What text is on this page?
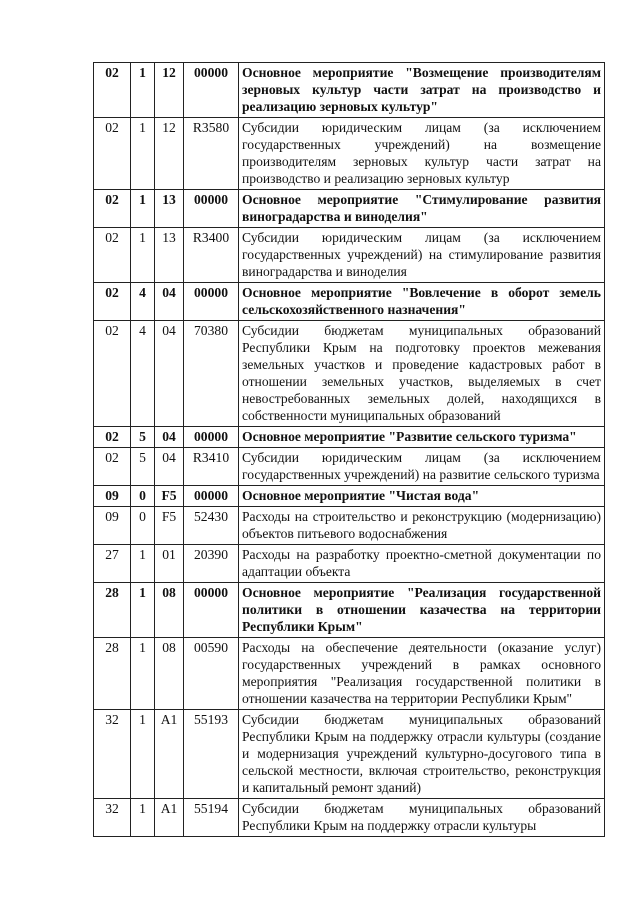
02	1	12	00000	Основное мероприятие "Возмещение производителям зерновых культур части затрат на производство и реализацию зерновых культур"
02	1	12	R3580	Субсидии юридическим лицам (за исключением государственных учреждений) на возмещение производителям зерновых культур части затрат на производство и реализацию зерновых культур
02	1	13	00000	Основное мероприятие "Стимулирование развития виноградарства и виноделия"
02	1	13	R3400	Субсидии юридическим лицам (за исключением государственных учреждений) на стимулирование развития виноградарства и виноделия
02	4	04	00000	Основное мероприятие "Вовлечение в оборот земель сельскохозяйственного назначения"
02	4	04	70380	Субсидии бюджетам муниципальных образований Республики Крым на подготовку проектов межевания земельных участков и проведение кадастровых работ в отношении земельных участков, выделяемых в счет невостребованных земельных долей, находящихся в собственности муниципальных образований
02	5	04	00000	Основное мероприятие "Развитие сельского туризма"
02	5	04	R3410	Субсидии юридическим лицам (за исключением государственных учреждений) на развитие сельского туризма
09	0	F5	00000	Основное мероприятие "Чистая вода"
09	0	F5	52430	Расходы на строительство и реконструкцию (модернизацию) объектов питьевого водоснабжения
27	1	01	20390	Расходы на разработку проектно-сметной документации по адаптации объекта
28	1	08	00000	Основное мероприятие "Реализация государственной политики в отношении казачества на территории Республики Крым"
28	1	08	00590	Расходы на обеспечение деятельности (оказание услуг) государственных учреждений в рамках основного мероприятия "Реализация государственной политики в отношении казачества на территории Республики Крым"
32	1	A1	55193	Субсидии бюджетам муниципальных образований Республики Крым на поддержку отрасли культуры (создание и модернизация учреждений культурно-досугового типа в сельской местности, включая строительство, реконструкция и капитальный ремонт зданий)
32	1	A1	55194	Субсидии бюджетам муниципальных образований Республики Крым на поддержку отрасли культуры
